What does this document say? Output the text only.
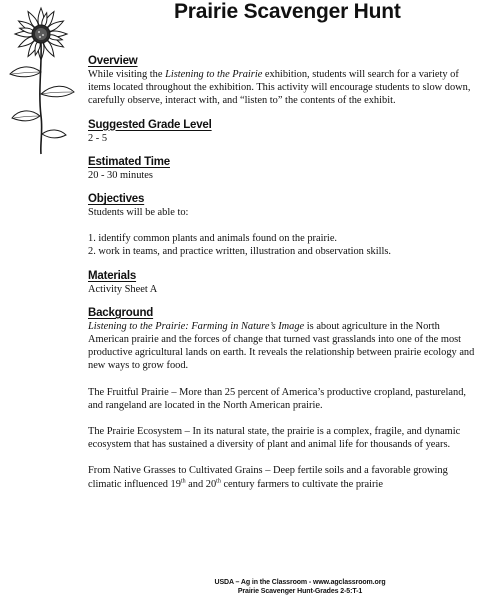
Prairie Scavenger Hunt

Overview

While visiting the Listening to the Prairie exhibition, students will search for a variety of items located throughout the exhibition. This activity will encourage students to slow down, carefully observe, interact with, and “listen to” the contents of the exhibit.

Suggested Grade Level

2 - 5

Estimated Time

20 - 30 minutes

Objectives

Students will be able to:

1. identify common plants and animals found on the prairie.

2. work in teams, and practice written, illustration and observation skills.

Materials

Activity Sheet A

Background

Listening to the Prairie: Farming in Nature’s Image is about agriculture in the North American prairie and the forces of change that turned vast grasslands into one of the most productive agricultural lands on earth. It reveals the relationship between prairie ecology and new ways to grow food.

The Fruitful Prairie – More than 25 percent of America’s productive cropland, pastureland, and rangeland are located in the North American prairie.

The Prairie Ecosystem – In its natural state, the prairie is a complex, fragile, and dynamic ecosystem that has sustained a diversity of plant and animal life for thousands of years.

From Native Grasses to Cultivated Grains – Deep fertile soils and a favorable growing climatic influenced 19th and 20th century farmers to cultivate the prairie

USDA – Ag in the Classroom - www.agclassroom.org
Prairie Scavenger Hunt-Grades 2-5:T-1
